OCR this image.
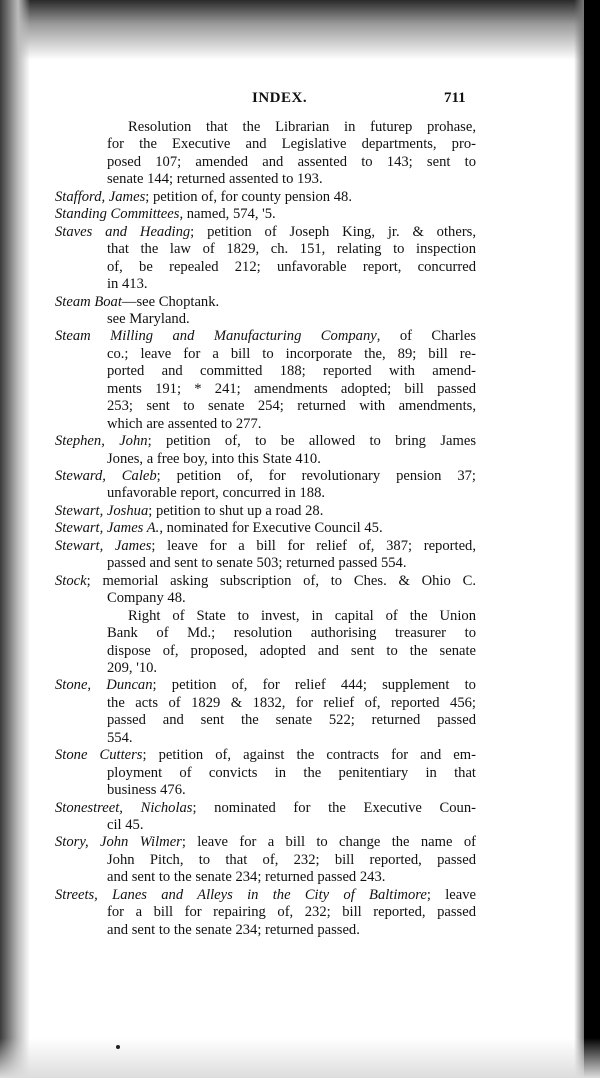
INDEX.	711
Resolution that the Librarian in futurep prohase,
for the Executive and Legislative departments, pro-
posed 107; amended and assented to 143; sent to
senate 144; returned assented to 193.
Stafford, James; petition of, for county pension 48.
Standing Committees, named, 574, '5.
Staves and Heading; petition of Joseph King, jr. & others,
that the law of 1829, ch. 151, relating to inspection
of, be repealed 212; unfavorable report, concurred
in 413.
Steam Boat—see Choptank.
see Maryland.
Steam Milling and Manufacturing Company, of Charles
co.; leave for a bill to incorporate the, 89; bill re-
ported and committed 188; reported with amend-
ments 191; * 241; amendments adopted; bill passed
253; sent to senate 254; returned with amendments,
which are assented to 277.
Stephen, John; petition of, to be allowed to bring James
Jones, a free boy, into this State 410.
Steward, Caleb; petition of, for revolutionary pension 37;
unfavorable report, concurred in 188.
Stewart, Joshua; petition to shut up a road 28.
Stewart, James A., nominated for Executive Council 45.
Stewart, James; leave for a bill for relief of, 387; reported,
passed and sent to senate 503; returned passed 554.
Stock; memorial asking subscription of, to Ches. & Ohio C.
Company 48.
Right of State to invest, in capital of the Union
Bank of Md.; resolution authorising treasurer to
dispose of, proposed, adopted and sent to the senate
209, '10.
Stone, Duncan; petition of, for relief 444; supplement to
the acts of 1829 & 1832, for relief of, reported 456;
passed and sent the senate 522; returned passed
554.
Stone Cutters; petition of, against the contracts for and em-
ployment of convicts in the penitentiary in that
business 476.
Stonestreet, Nicholas; nominated for the Executive Coun-
cil 45.
Story, John Wilmer; leave for a bill to change the name of
John Pitch, to that of, 232; bill reported, passed
and sent to the senate 234; returned passed 243.
Streets, Lanes and Alleys in the City of Baltimore; leave
for a bill for repairing of, 232; bill reported, passed
and sent to the senate 234; returned passed.
